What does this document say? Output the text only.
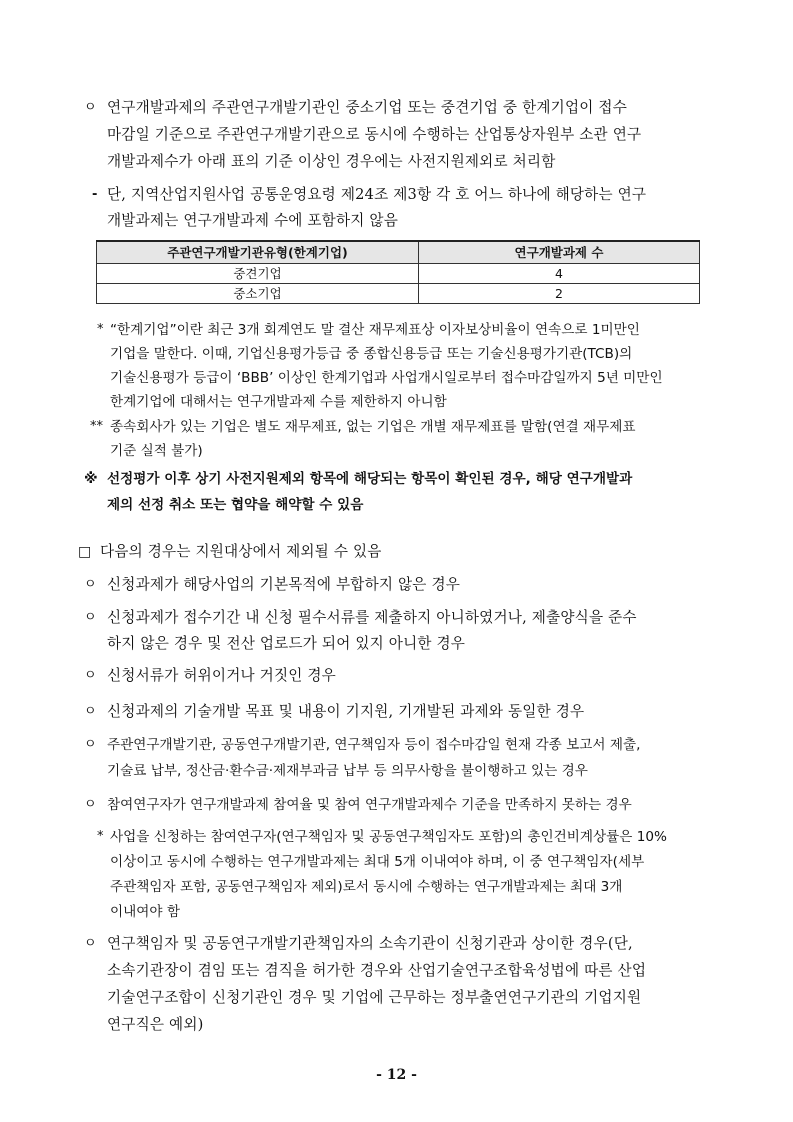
ㅇ 연구개발과제의 주관연구개발기관인 중소기업 또는 중견기업 중 한계기업이 접수
마감일 기준으로 주관연구개발기관으로 동시에 수행하는 산업통상자원부 소관 연구
개발과제수가 아래 표의 기준 이상인 경우에는 사전지원제외로 처리함
- 단, 지역산업지원사업 공통운영요령 제24조 제3항 각 호 어느 하나에 해당하는 연구
개발과제는 연구개발과제 수에 포함하지 않음
주관연구개발기관유형(한계기업)	연구개발과제 수
중견기업	4
중소기업	2
* “한계기업”이란 최근 3개 회계연도 말 결산 재무제표상 이자보상비율이 연속으로 1미만인
기업을 말한다. 이때, 기업신용평가등급 중 종합신용등급 또는 기술신용평가기관(TCB)의
기술신용평가 등급이 ‘BBB’ 이상인 한계기업과 사업개시일로부터 접수마감일까지 5년 미만인
한계기업에 대해서는 연구개발과제 수를 제한하지 아니함
** 종속회사가 있는 기업은 별도 재무제표, 없는 기업은 개별 재무제표를 말함(연결 재무제표
기준 실적 불가)
※ 선정평가 이후 상기 사전지원제외 항목에 해당되는 항목이 확인된 경우, 해당 연구개발과
제의 선정 취소 또는 협약을 해약할 수 있음
□ 다음의 경우는 지원대상에서 제외될 수 있음
ㅇ 신청과제가 해당사업의 기본목적에 부합하지 않은 경우
ㅇ 신청과제가 접수기간 내 신청 필수서류를 제출하지 아니하였거나, 제출양식을 준수
하지 않은 경우 및 전산 업로드가 되어 있지 아니한 경우
ㅇ 신청서류가 허위이거나 거짓인 경우
ㅇ 신청과제의 기술개발 목표 및 내용이 기지원, 기개발된 과제와 동일한 경우
ㅇ 주관연구개발기관, 공동연구개발기관, 연구책임자 등이 접수마감일 현재 각종 보고서 제출,
기술료 납부, 정산금·환수금·제재부과금 납부 등 의무사항을 불이행하고 있는 경우
ㅇ 참여연구자가 연구개발과제 참여율 및 참여 연구개발과제수 기준을 만족하지 못하는 경우
* 사업을 신청하는 참여연구자(연구책임자 및 공동연구책임자도 포함)의 총인건비계상률은 10%
이상이고 동시에 수행하는 연구개발과제는 최대 5개 이내여야 하며, 이 중 연구책임자(세부
주관책임자 포함, 공동연구책임자 제외)로서 동시에 수행하는 연구개발과제는 최대 3개
이내여야 함
ㅇ 연구책임자 및 공동연구개발기관책임자의 소속기관이 신청기관과 상이한 경우(단,
소속기관장이 겸임 또는 겸직을 허가한 경우와 산업기술연구조합육성법에 따른 산업
기술연구조합이 신청기관인 경우 및 기업에 근무하는 정부출연연구기관의 기업지원
연구직은 예외)
- 12 -
